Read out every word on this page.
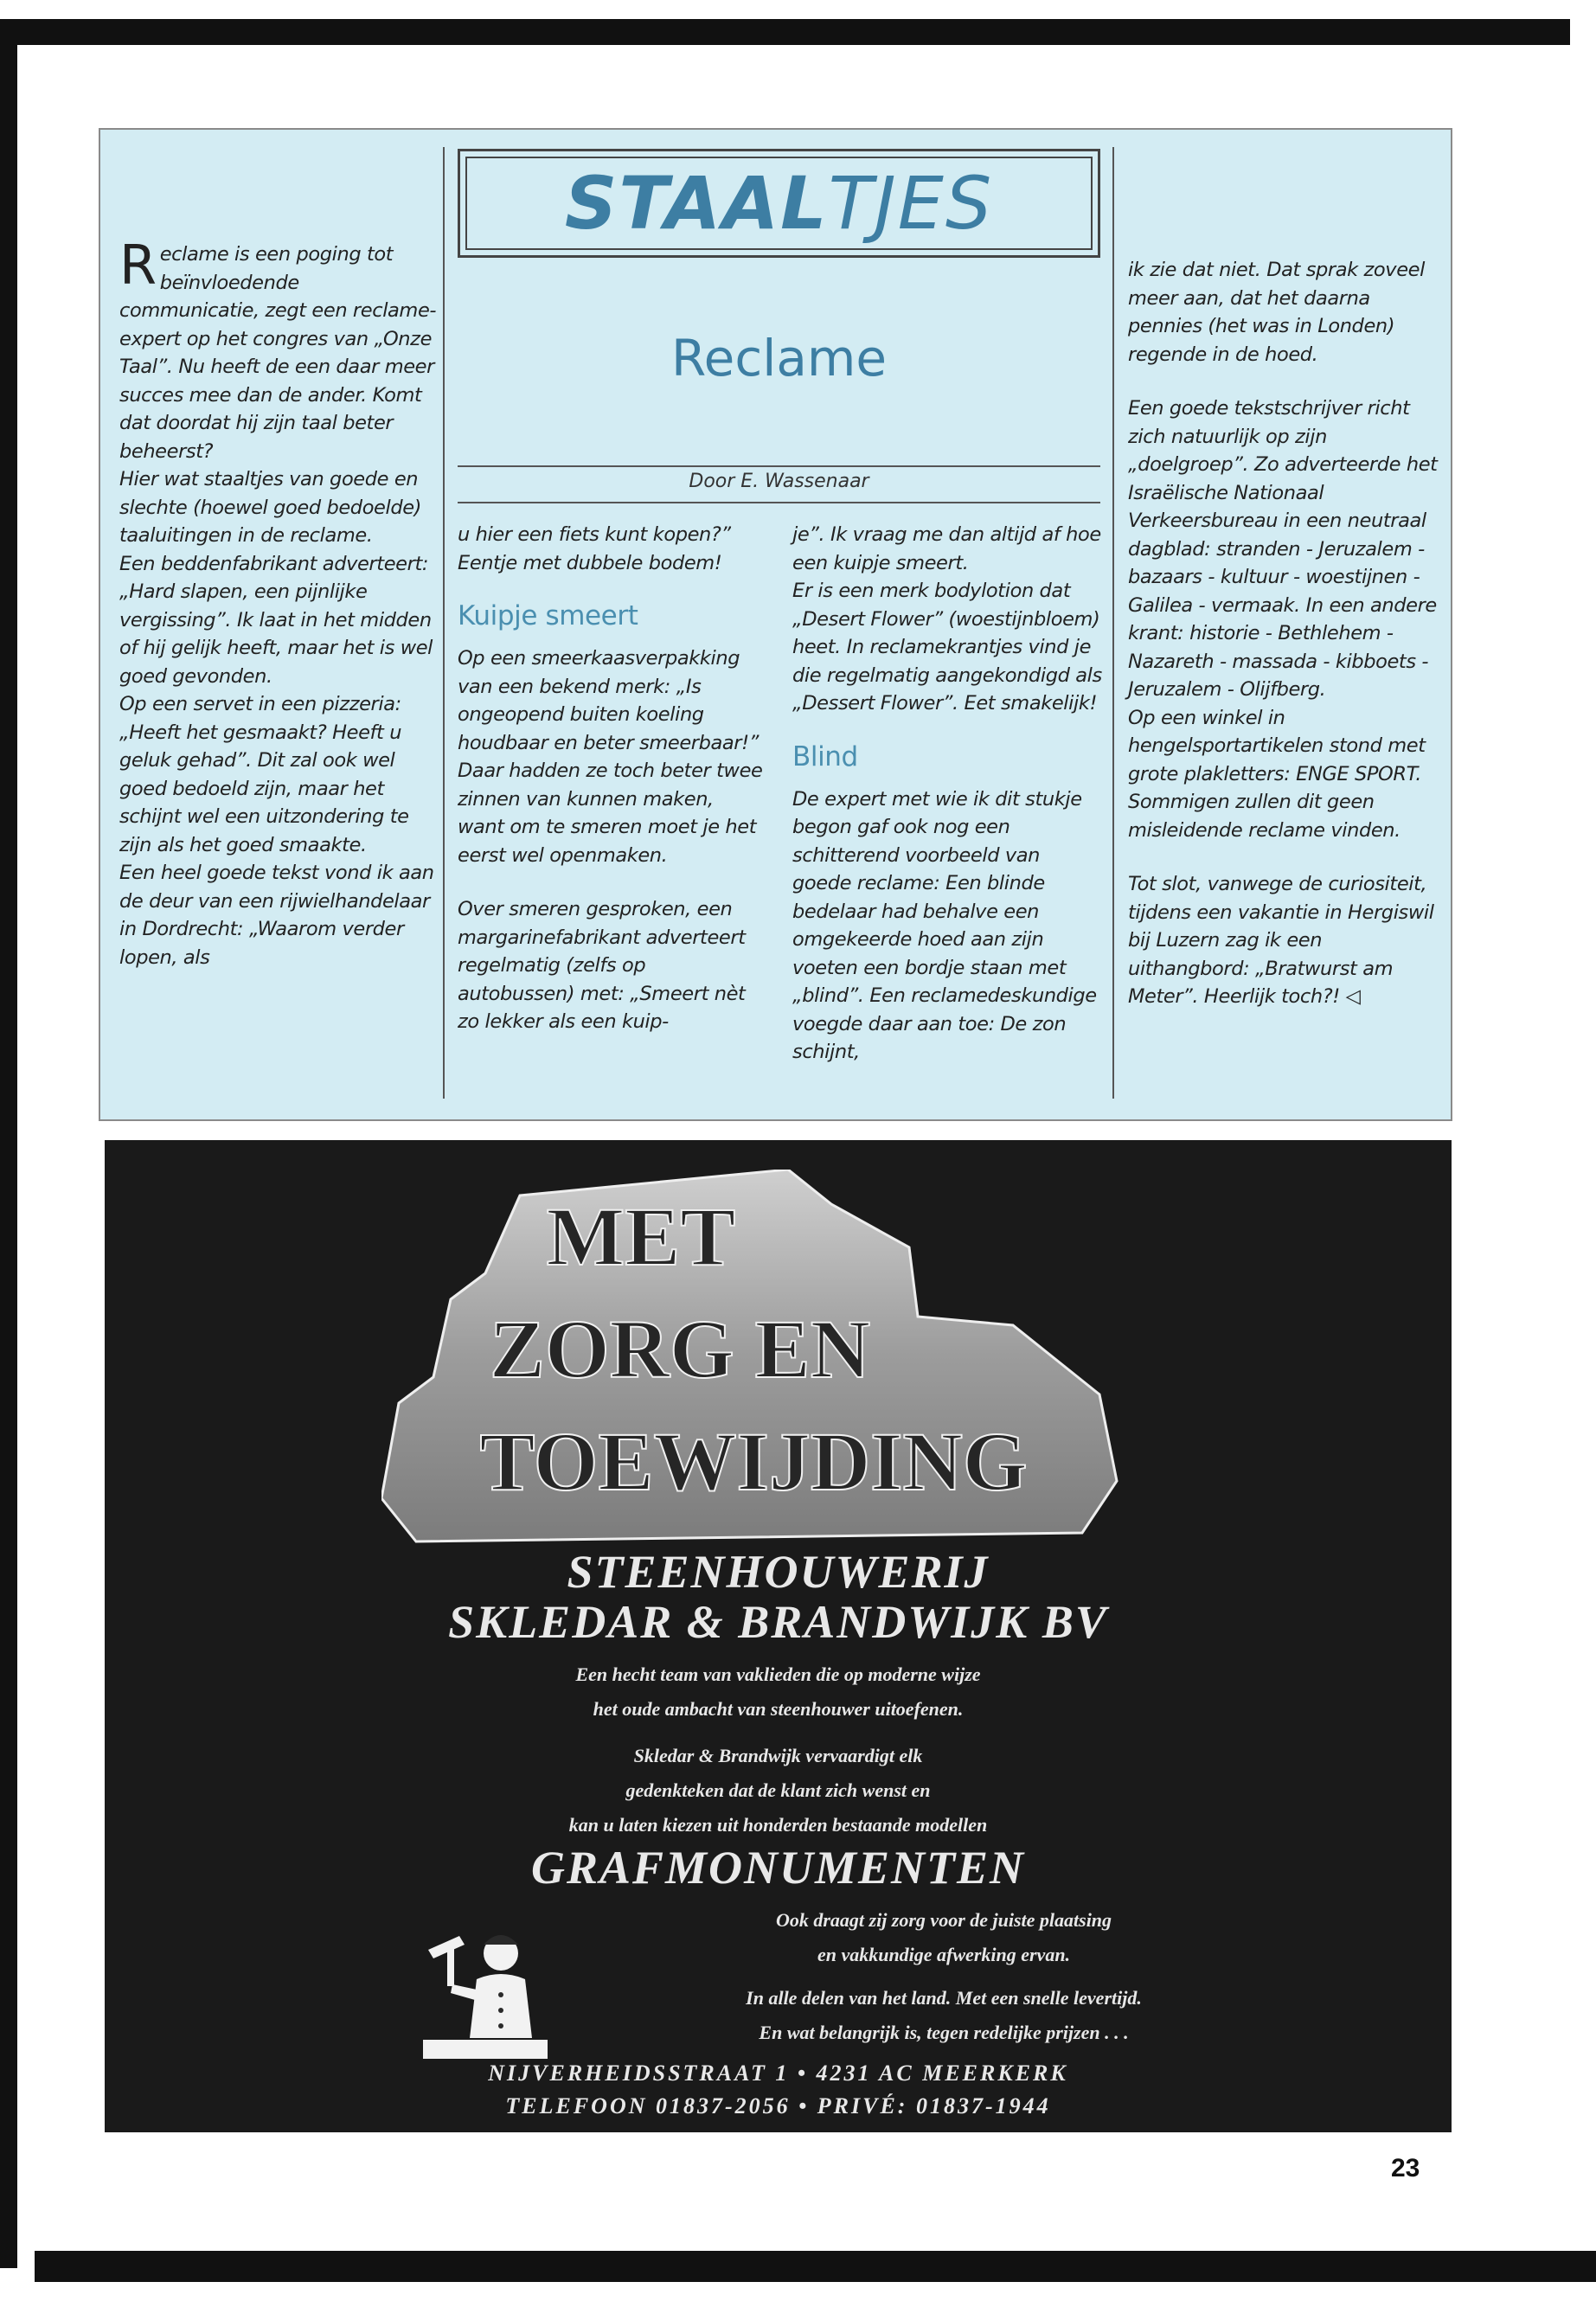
Reclame is een poging tot beïnvloedende communicatie, zegt een reclame-expert op het congres van „Onze Taal”. Nu heeft de een daar meer succes mee dan de ander. Komt dat doordat hij zijn taal beter beheerst?

Hier wat staaltjes van goede en slechte (hoewel goed bedoelde) taaluitingen in de reclame.

Een beddenfabrikant adverteert: „Hard slapen, een pijnlijke vergissing”. Ik laat in het midden of hij gelijk heeft, maar het is wel goed gevonden.

Op een servet in een pizzeria: „Heeft het gesmaakt? Heeft u geluk gehad”. Dit zal ook wel goed bedoeld zijn, maar het schijnt wel een uitzondering te zijn als het goed smaakte.

Een heel goede tekst vond ik aan de deur van een rijwielhandelaar in Dordrecht: „Waarom verder lopen, als

STAAL TJES
Reclame
Door E. Wassenaar

u hier een fiets kunt kopen?” Eentje met dubbele bodem!

Kuipje smeert

Op een smeerkaasverpakking van een bekend merk: „Is ongeopend buiten koeling houdbaar en beter smeerbaar!” Daar hadden ze toch beter twee zinnen van kunnen maken, want om te smeren moet je het eerst wel openmaken.

Over smeren gesproken, een margarinefabrikant adverteert regelmatig (zelfs op autobussen) met: „Smeert nèt zo lekker als een kuip-

je”. Ik vraag me dan altijd af hoe een kuipje smeert.

Er is een merk bodylotion dat „Desert Flower” (woestijnbloem) heet. In reclamekrantjes vind je die regelmatig aangekondigd als „Dessert Flower”. Eet smakelijk!

Blind

De expert met wie ik dit stukje begon gaf ook nog een schitterend voorbeeld van goede reclame: Een blinde bedelaar had behalve een omgekeerde hoed aan zijn voeten een bordje staan met „blind”. Een reclamedeskundige voegde daar aan toe: De zon schijnt,

ik zie dat niet. Dat sprak zoveel meer aan, dat het daarna pennies (het was in Londen) regende in de hoed.

Een goede tekstschrijver richt zich natuurlijk op zijn „doelgroep”. Zo adverteerde het Israëlische Nationaal Verkeersbureau in een neutraal dagblad: stranden - Jeruzalem - bazaars - kultuur - woestijnen - Galilea - vermaak. In een andere krant: historie - Bethlehem - Nazareth - massada - kibboets - Jeruzalem - Olijfberg.

Op een winkel in hengelsportartikelen stond met grote plakletters: ENGE SPORT. Sommigen zullen dit geen misleidende reclame vinden.

Tot slot, vanwege de curiositeit, tijdens een vakantie in Hergiswil bij Luzern zag ik een uithangbord: „Bratwurst am Meter”. Heerlijk toch?! ◁

MET
ZORG EN
TOEWIJDING
STEENHOUWERIJ
SKLEDAR & BRANDWIJK BV

Een hecht team van vaklieden die op moderne wijze

het oude ambacht van steenhouwer uitoefenen.

Skledar & Brandwijk vervaardigt elk

gedenkteken dat de klant zich wenst en

kan u laten kiezen uit honderden bestaande modellen

GRAFMONUMENTEN

Ook draagt zij zorg voor de juiste plaatsing

en vakkundige afwerking ervan.

In alle delen van het land. Met een snelle levertijd.

En wat belangrijk is, tegen redelijke prijzen . . .

NIJVERHEIDSSTRAAT 1 • 4231 AC MEERKERK
TELEFOON 01837-2056 • PRIVÉ: 01837-1944
23
